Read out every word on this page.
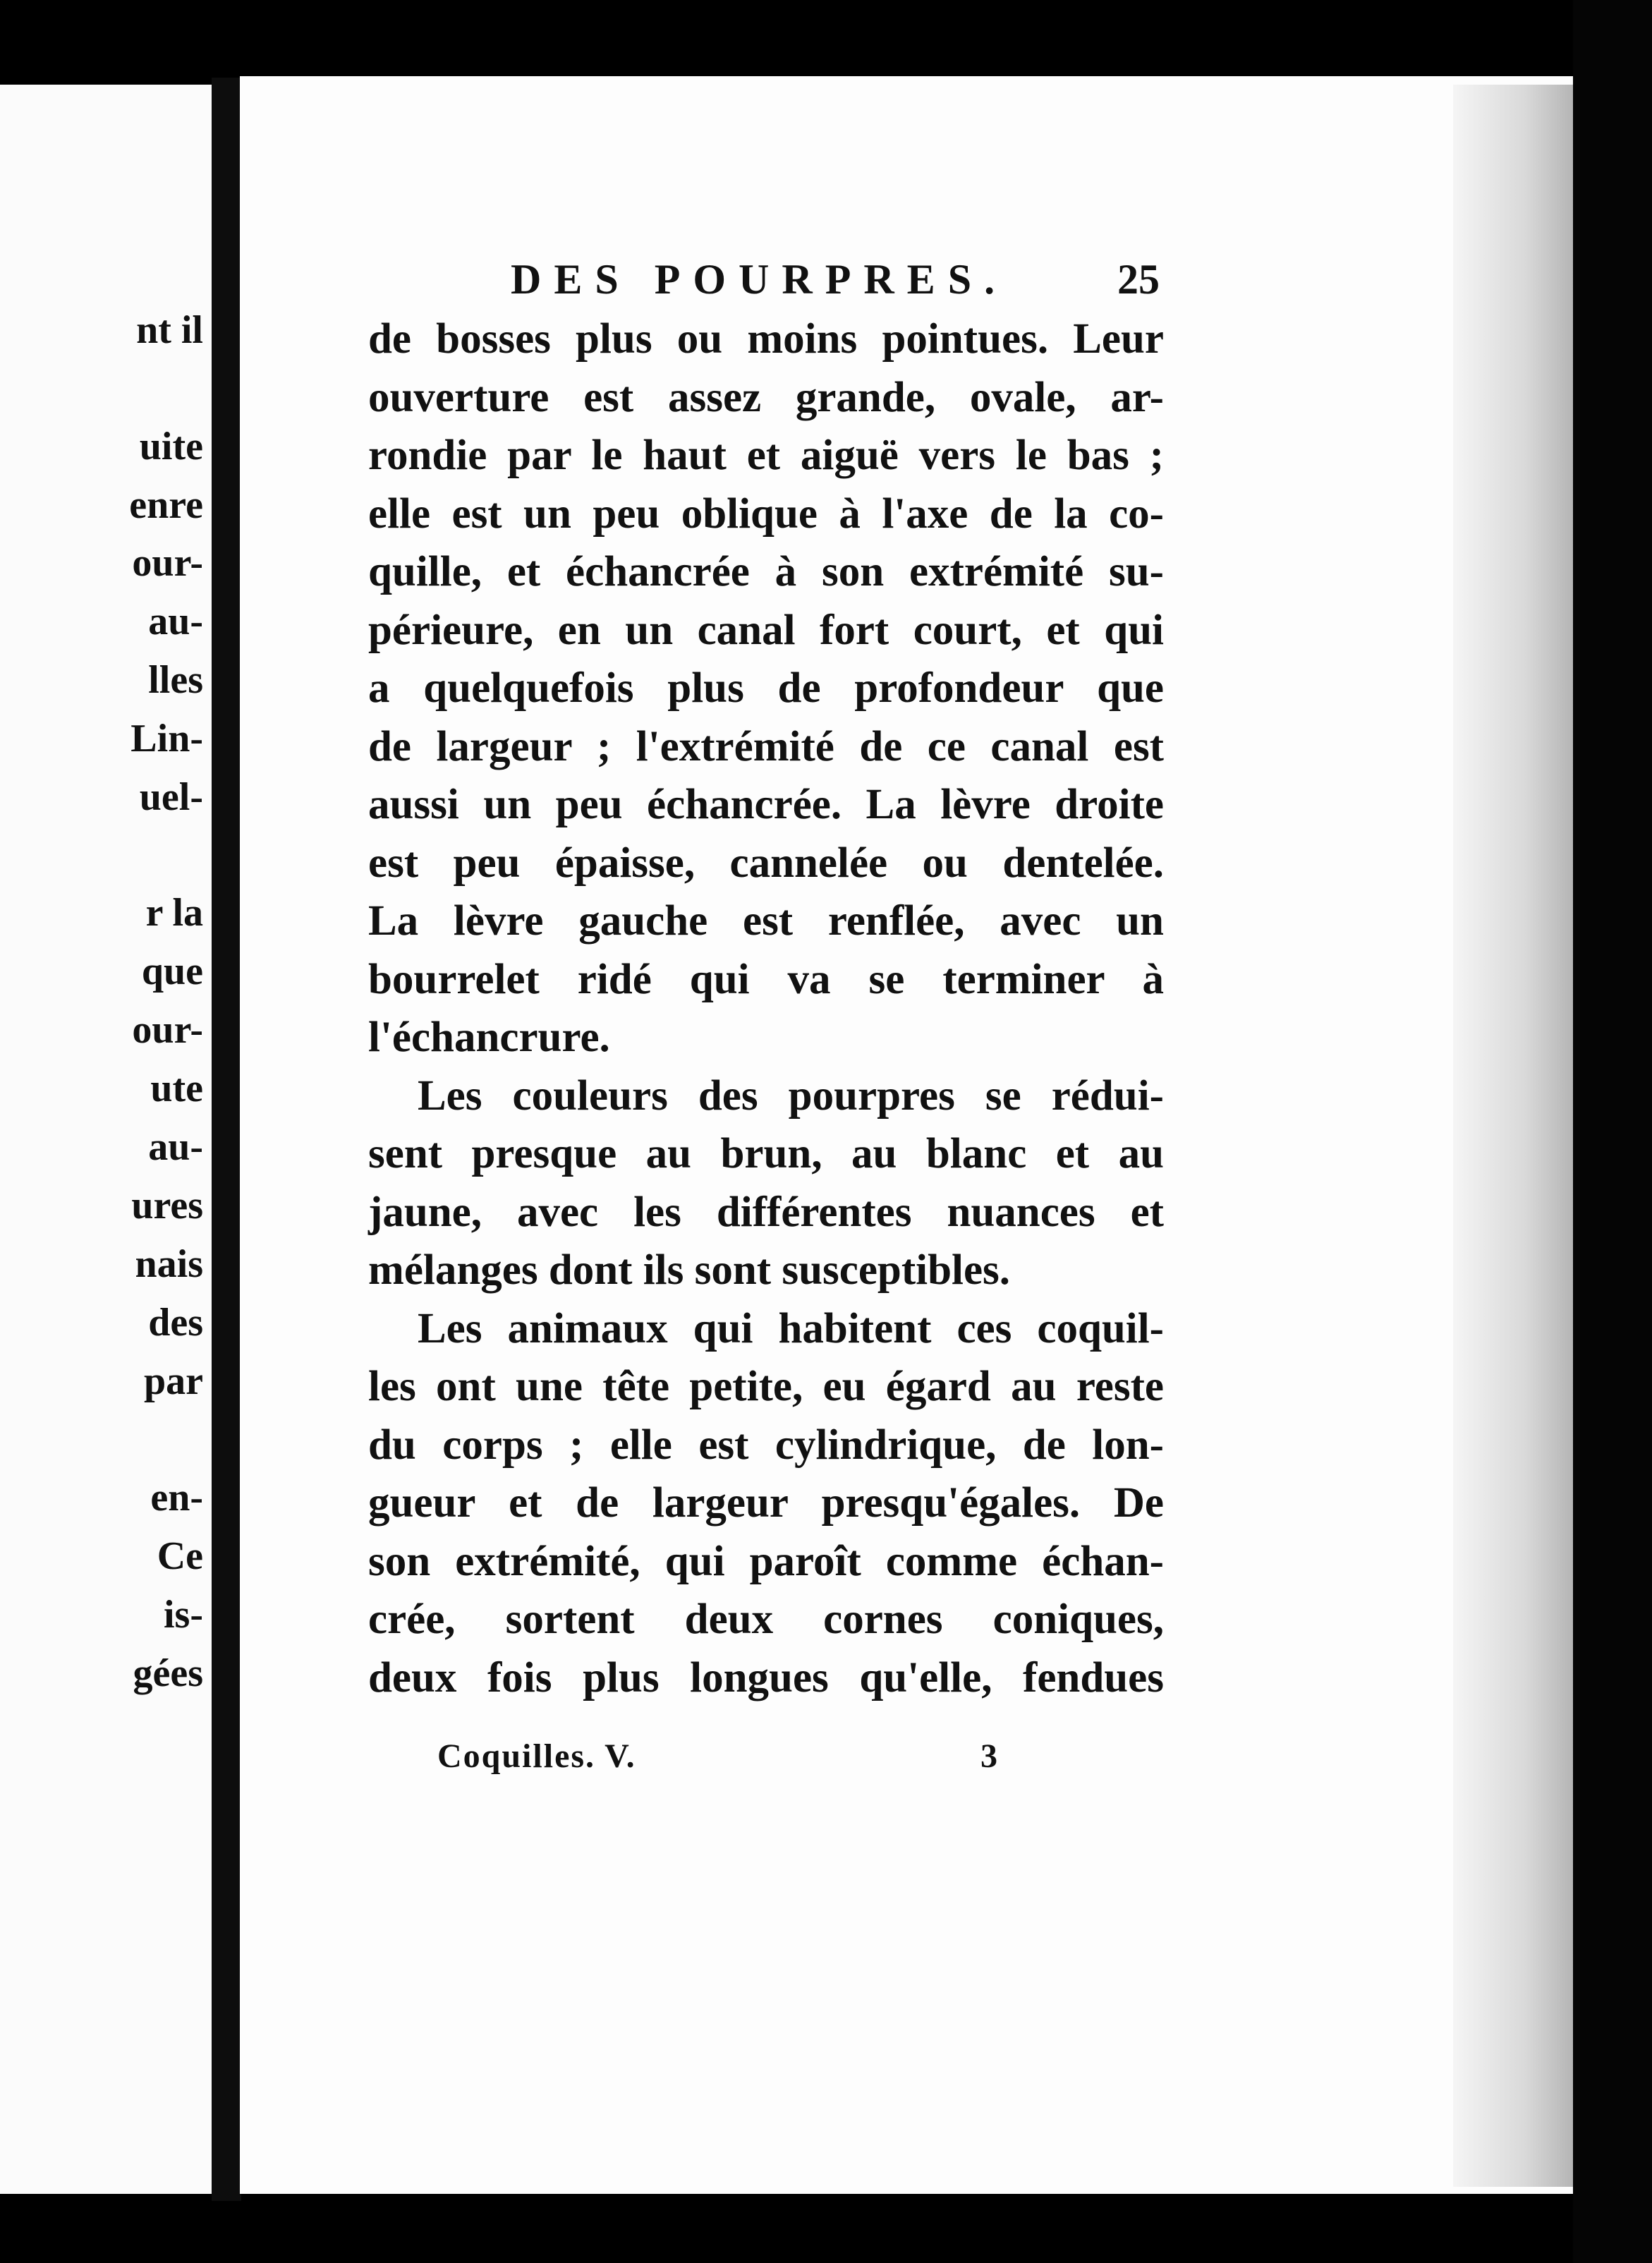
nt il
uite
enre
our-
au-
lles
Lin-
uel-
r la
que
our-
ute
au-
ures
nais
des
par
en-
Ce
is-
gées
DES POURPRES.	25
de bosses plus ou moins pointues. Leur
ouverture est assez grande, ovale, ar-
rondie par le haut et aiguë vers le bas ;
elle est un peu oblique à l'axe de la co-
quille, et échancrée à son extrémité su-
périeure, en un canal fort court, et qui
a quelquefois plus de profondeur que
de largeur ; l'extrémité de ce canal est
aussi un peu échancrée. La lèvre droite
est peu épaisse, cannelée ou dentelée.
La lèvre gauche est renflée, avec un
bourrelet ridé qui va se terminer à
l'échancrure.
Les couleurs des pourpres se rédui-
sent presque au brun, au blanc et au
jaune, avec les différentes nuances et
mélanges dont ils sont susceptibles.
Les animaux qui habitent ces coquil-
les ont une tête petite, eu égard au reste
du corps ; elle est cylindrique, de lon-
gueur et de largeur presqu'égales. De
son extrémité, qui paroît comme échan-
crée, sortent deux cornes coniques,
deux fois plus longues qu'elle, fendues
Coquilles. V.	3
